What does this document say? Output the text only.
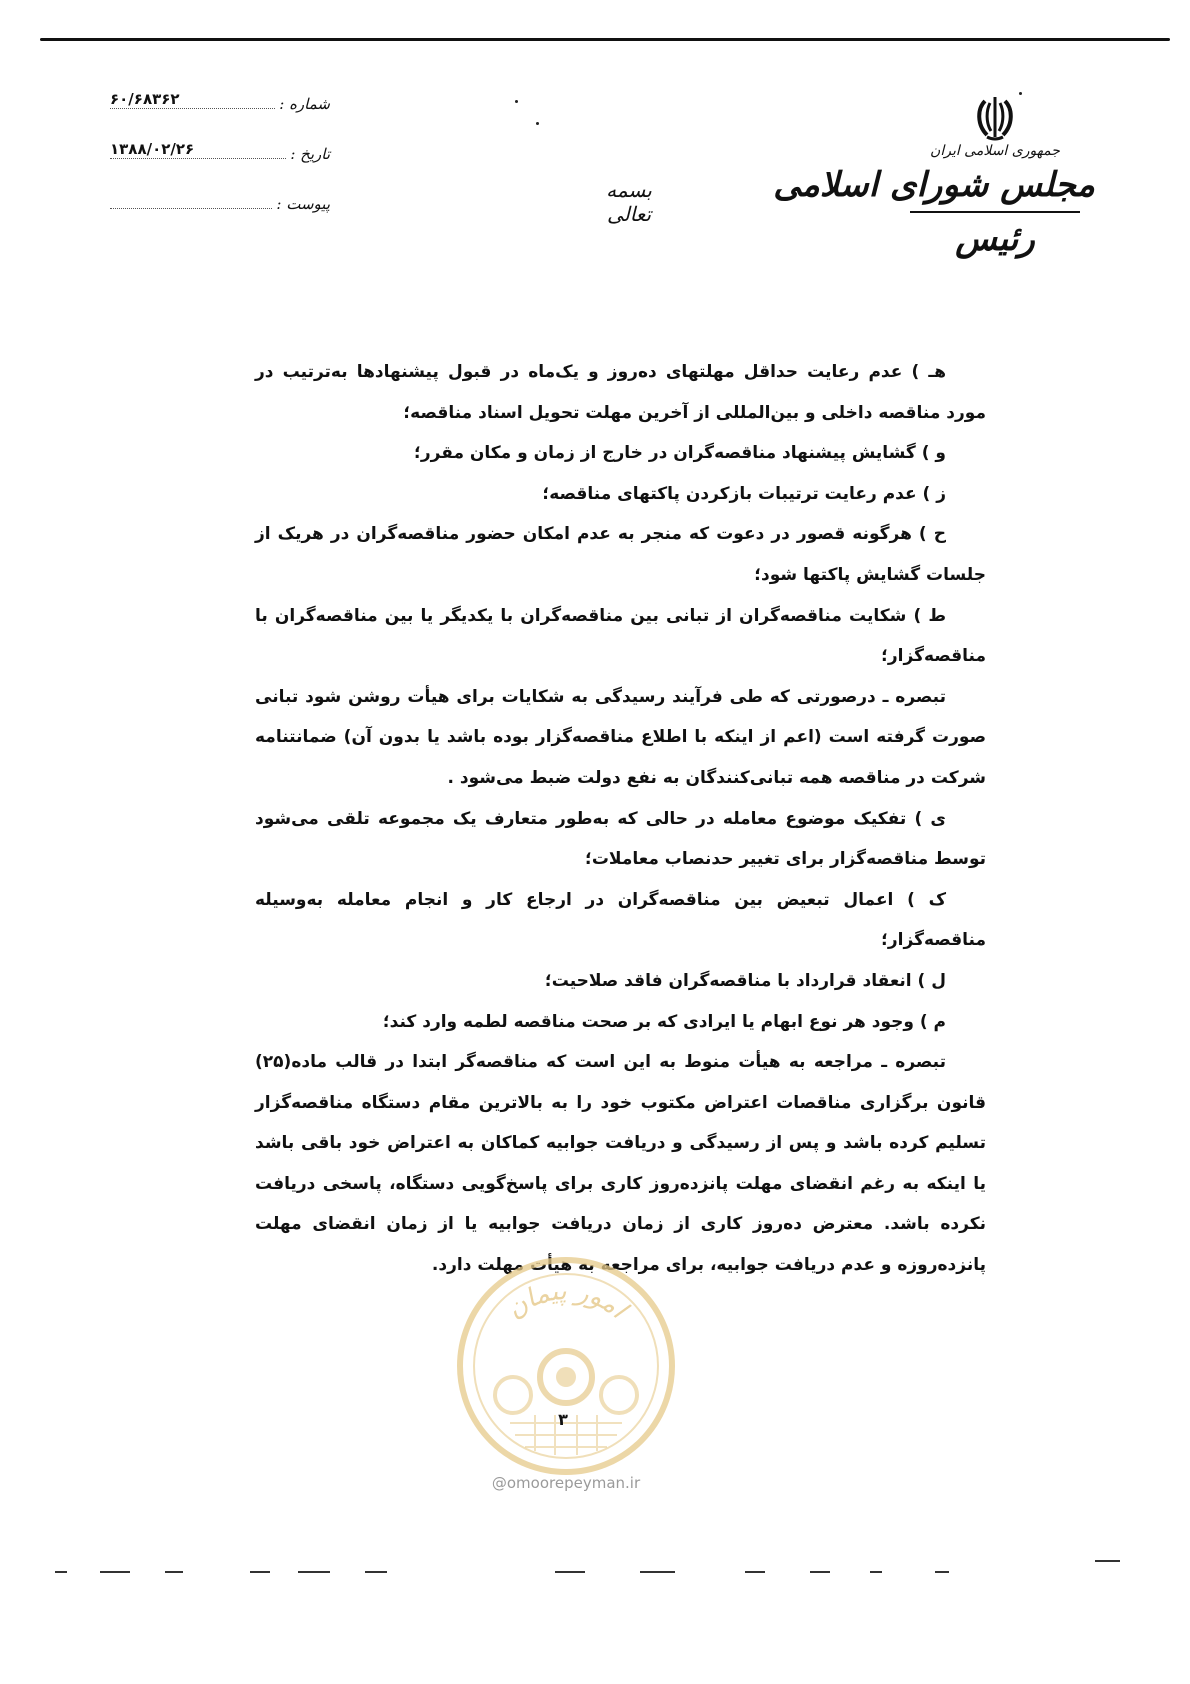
جمهوری اسلامی ایران
مجلس شورای اسلامی
رئیس
بسمه تعالی
شماره :
۶۰/۶۸۳۶۲
تاریخ :
۱۳۸۸/۰۲/۲۶
پیوست :

هـ ) عدم رعایت حداقل مهلتهای ده‌روز و یک‌ماه در قبول پیشنهادها به‌ترتیب در مورد مناقصه داخلی و بین‌المللی از آخرین مهلت تحویل اسناد مناقصه؛

و ) گشایش پیشنهاد مناقصه‌گران در خارج از زمان و مکان مقرر؛

ز ) عدم رعایت ترتیبات بازکردن پاکتهای مناقصه؛

ح ) هرگونه قصور در دعوت که منجر به عدم امکان حضور مناقصه‌گران در هریک از جلسات گشایش پاکتها شود؛

ط ) شکایت مناقصه‌گران از تبانی بین مناقصه‌گران با یکدیگر یا بین مناقصه‌گران با مناقصه‌گزار؛

تبصره ـ درصورتی که طی فرآیند رسیدگی به شکایات برای هیأت روشن شود تبانی صورت گرفته است (اعم از اینکه با اطلاع مناقصه‌گزار بوده باشد یا بدون آن) ضمانتنامه شرکت در مناقصه همه تبانی‌کنندگان به نفع دولت ضبط می‌شود .

ی ) تفکیک موضوع معامله در حالی که به‌طور متعارف یک مجموعه تلقی می‌شود توسط مناقصه‌گزار برای تغییر حدنصاب معاملات؛

ک ) اعمال تبعیض بین مناقصه‌گران در ارجاع کار و انجام معامله به‌وسیله مناقصه‌گزار؛

ل ) انعقاد قرارداد با مناقصه‌گران فاقد صلاحیت؛

م ) وجود هر نوع ابهام یا ایرادی که بر صحت مناقصه لطمه وارد کند؛

تبصره ـ مراجعه به هیأت منوط به این است که مناقصه‌گر ابتدا در قالب ماده(۲۵) قانون برگزاری مناقصات اعتراض مکتوب خود را به بالاترین مقام دستگاه مناقصه‌گزار تسلیم کرده باشد و پس از رسیدگی و دریافت جوابیه کماکان به اعتراض خود باقی باشد یا اینکه به رغم انقضای مهلت پانزده‌روز کاری برای پاسخ‌گویی دستگاه، پاسخی دریافت نکرده باشد. معترض ده‌روز کاری از زمان دریافت جوابیه یا از زمان انقضای مهلت پانزده‌روزه و عدم دریافت جوابیه، برای مراجعه به هیأت مهلت دارد.

امور پیمان
۳
@omoorepeyman.ir
